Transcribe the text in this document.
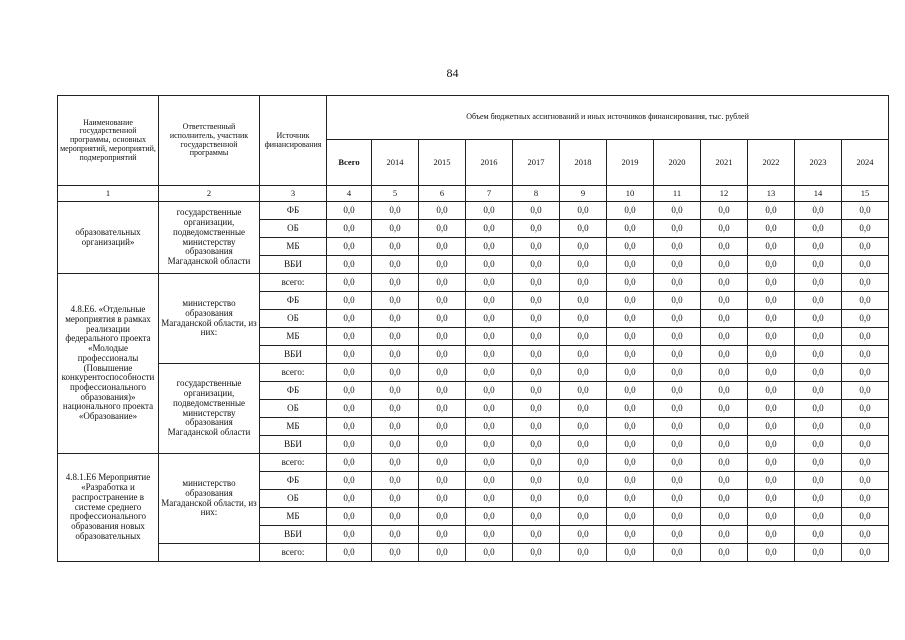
84
Наименование государственной программы, основных мероприятий, мероприятий, подмероприятий	Ответственный исполнитель, участник государственной программы	Источник финансирования	Объем бюджетных ассигнований и иных источников финансирования, тыс. рублей											
			Всего	2014	2015	2016	2017	2018	2019	2020	2021	2022	2023	2024
1	2	3	4	5	6	7	8	9	10	11	12	13	14	15
образовательных организаций»	государственные организации, подведомственные министерству образования Магаданской области	ФБ	0,0	0,0	0,0	0,0	0,0	0,0	0,0	0,0	0,0	0,0	0,0	0,0
		ОБ	0,0	0,0	0,0	0,0	0,0	0,0	0,0	0,0	0,0	0,0	0,0	0,0
		МБ	0,0	0,0	0,0	0,0	0,0	0,0	0,0	0,0	0,0	0,0	0,0	0,0
		ВБИ	0,0	0,0	0,0	0,0	0,0	0,0	0,0	0,0	0,0	0,0	0,0	0,0
4.8.Е6. «Отдельные мероприятия в рамках реализации федерального проекта «Молодые профессионалы (Повышение конкурентоспособности профессионального образования)» национального проекта «Образование»	министерство образования Магаданской области, из них:	всего:	0,0	0,0	0,0	0,0	0,0	0,0	0,0	0,0	0,0	0,0	0,0	0,0
		ФБ	0,0	0,0	0,0	0,0	0,0	0,0	0,0	0,0	0,0	0,0	0,0	0,0
		ОБ	0,0	0,0	0,0	0,0	0,0	0,0	0,0	0,0	0,0	0,0	0,0	0,0
		МБ	0,0	0,0	0,0	0,0	0,0	0,0	0,0	0,0	0,0	0,0	0,0	0,0
		ВБИ	0,0	0,0	0,0	0,0	0,0	0,0	0,0	0,0	0,0	0,0	0,0	0,0
	государственные организации, подведомственные министерству образования Магаданской области	всего:	0,0	0,0	0,0	0,0	0,0	0,0	0,0	0,0	0,0	0,0	0,0	0,0
		ФБ	0,0	0,0	0,0	0,0	0,0	0,0	0,0	0,0	0,0	0,0	0,0	0,0
		ОБ	0,0	0,0	0,0	0,0	0,0	0,0	0,0	0,0	0,0	0,0	0,0	0,0
		МБ	0,0	0,0	0,0	0,0	0,0	0,0	0,0	0,0	0,0	0,0	0,0	0,0
		ВБИ	0,0	0,0	0,0	0,0	0,0	0,0	0,0	0,0	0,0	0,0	0,0	0,0
4.8.1.Е6 Мероприятие «Разработка и распространение в системе среднего профессионального образования новых образовательных	министерство образования Магаданской области, из них:	всего:	0,0	0,0	0,0	0,0	0,0	0,0	0,0	0,0	0,0	0,0	0,0	0,0
		ФБ	0,0	0,0	0,0	0,0	0,0	0,0	0,0	0,0	0,0	0,0	0,0	0,0
		ОБ	0,0	0,0	0,0	0,0	0,0	0,0	0,0	0,0	0,0	0,0	0,0	0,0
		МБ	0,0	0,0	0,0	0,0	0,0	0,0	0,0	0,0	0,0	0,0	0,0	0,0
		ВБИ	0,0	0,0	0,0	0,0	0,0	0,0	0,0	0,0	0,0	0,0	0,0	0,0
		всего:	0,0	0,0	0,0	0,0	0,0	0,0	0,0	0,0	0,0	0,0	0,0	0,0
